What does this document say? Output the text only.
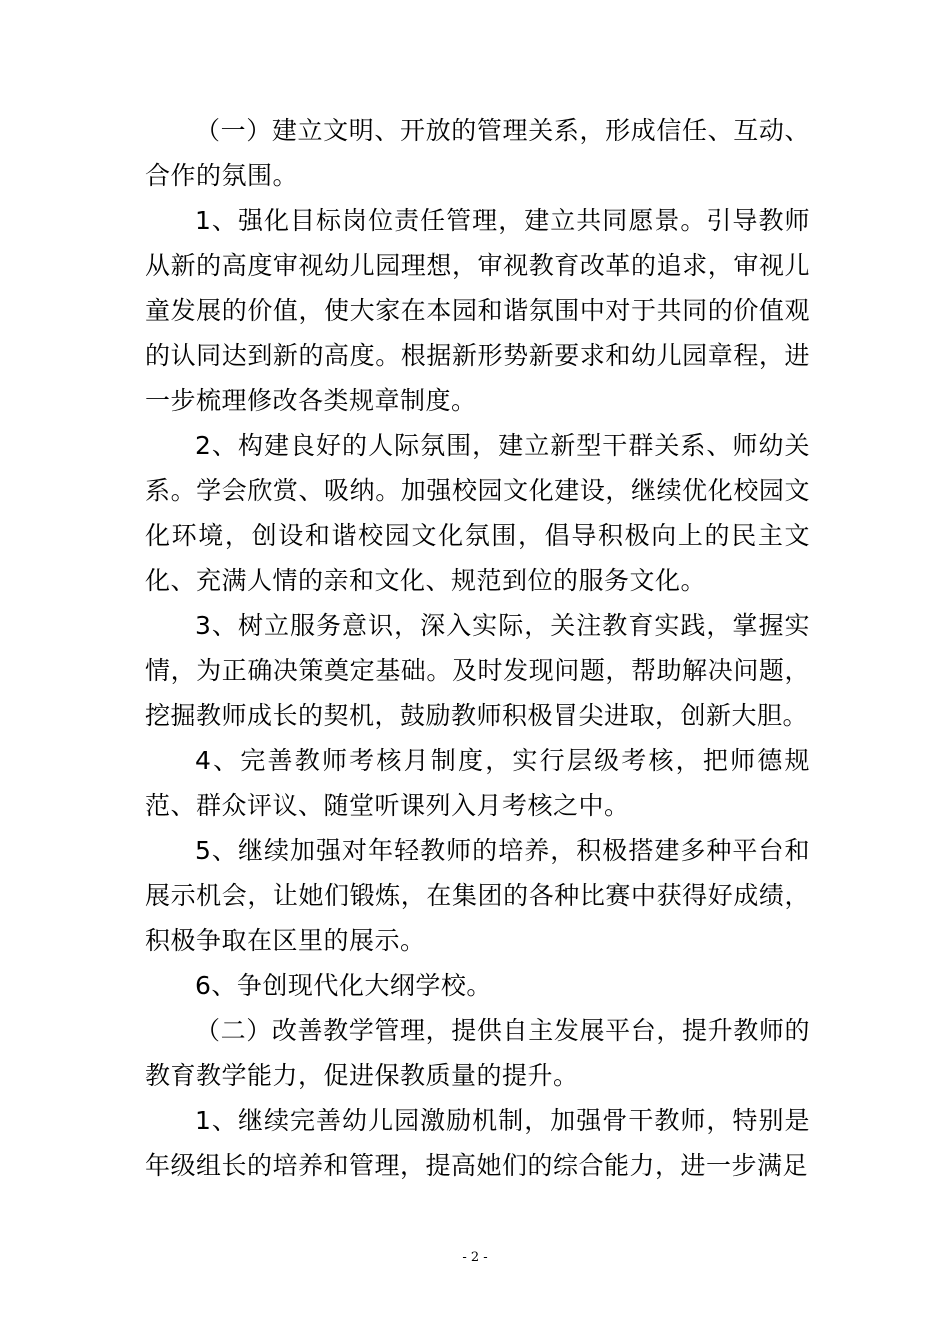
（一）建立文明、开放的管理关系，形成信任、互动、合作的氛围。

1、强化目标岗位责任管理，建立共同愿景。引导教师从新的高度审视幼儿园理想，审视教育改革的追求，审视儿童发展的价值，使大家在本园和谐氛围中对于共同的价值观的认同达到新的高度。根据新形势新要求和幼儿园章程，进一步梳理修改各类规章制度。

2、构建良好的人际氛围，建立新型干群关系、师幼关系。学会欣赏、吸纳。加强校园文化建设，继续优化校园文化环境，创设和谐校园文化氛围，倡导积极向上的民主文化、充满人情的亲和文化、规范到位的服务文化。

3、树立服务意识，深入实际，关注教育实践，掌握实情，为正确决策奠定基础。及时发现问题，帮助解决问题，挖掘教师成长的契机，鼓励教师积极冒尖进取，创新大胆。

4、完善教师考核月制度，实行层级考核，把师德规范、群众评议、随堂听课列入月考核之中。

5、继续加强对年轻教师的培养，积极搭建多种平台和展示机会，让她们锻炼，在集团的各种比赛中获得好成绩，积极争取在区里的展示。

6、争创现代化大纲学校。

（二）改善教学管理，提供自主发展平台，提升教师的教育教学能力，促进保教质量的提升。

1、继续完善幼儿园激励机制，加强骨干教师，特别是年级组长的培养和管理，提高她们的综合能力，进一步满足

- 2 -
